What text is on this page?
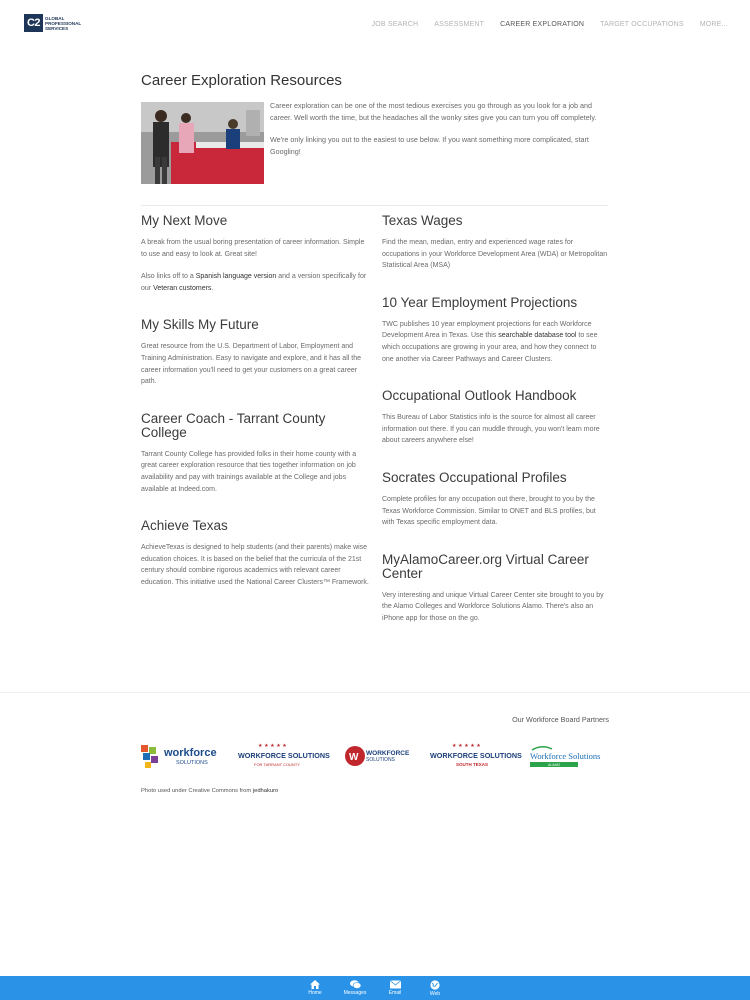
C2	GLOBAL
PROFESSIONAL
SERVICES	JOB SEARCH ASSESSMENT CAREER EXPLORATION TARGET OCCUPATIONS MORE...
Career Exploration Resources

Career exploration can be one of the most tedious exercises you go through as you look for a job and career. Well worth the time, but the headaches all the wonky sites give you can turn you off completely.

We're only linking you out to the easiest to use below. If you want something more complicated, start Googling!

My Next Move

A break from the usual boring presentation of career information. Simple to use and easy to look at. Great site!

Also links off to a Spanish language version and a version specifically for our Veteran customers.

My Skills My Future

Great resource from the U.S. Department of Labor, Employment and Training Administration. Easy to navigate and explore, and it has all the career information you'll need to get your customers on a great career path.

Career Coach - Tarrant County College

Tarrant County College has provided folks in their home county with a great career exploration resource that ties together information on job availability and pay with trainings available at the College and jobs available at Indeed.com.

Achieve Texas

AchieveTexas is designed to help students (and their parents) make wise education choices. It is based on the belief that the curricula of the 21st century should combine rigorous academics with relevant career education. This initiative used the National Career Clusters™ Framework.

Texas Wages

Find the mean, median, entry and experienced wage rates for occupations in your Workforce Development Area (WDA) or Metropolitan Statistical Area (MSA)

10 Year Employment Projections

TWC publishes 10 year employment projections for each Workforce Development Area in Texas. Use this searchable database tool to see which occupations are growing in your area, and how they connect to one another via Career Pathways and Career Clusters.

Occupational Outlook Handbook

This Bureau of Labor Statistics info is the source for almost all career information out there. If you can muddle through, you won't learn more about careers anywhere else!

Socrates Occupational Profiles

Complete profiles for any occupation out there, brought to you by the Texas Workforce Commission. Similar to ONET and BLS profiles, but with Texas specific employment data.

MyAlamoCareer.org Virtual Career Center

Very interesting and unique Virtual Career Center site brought to you by the Alamo Colleges and Workforce Solutions Alamo. There's also an iPhone app for those on the go.

Our Workforce Board Partners
workforce
SOLUTIONS
★ ★ ★ ★ ★
WORKFORCE SOLUTIONS
FOR TARRANT COUNTY
W WORKFORCE
SOLUTIONS
★ ★ ★ ★ ★
WORKFORCE SOLUTIONS
SOUTH TEXAS
Workforce Solutions
ALAMO
Photo used under Creative Commons from jedhakuro
Home	Messages	Email	Web
